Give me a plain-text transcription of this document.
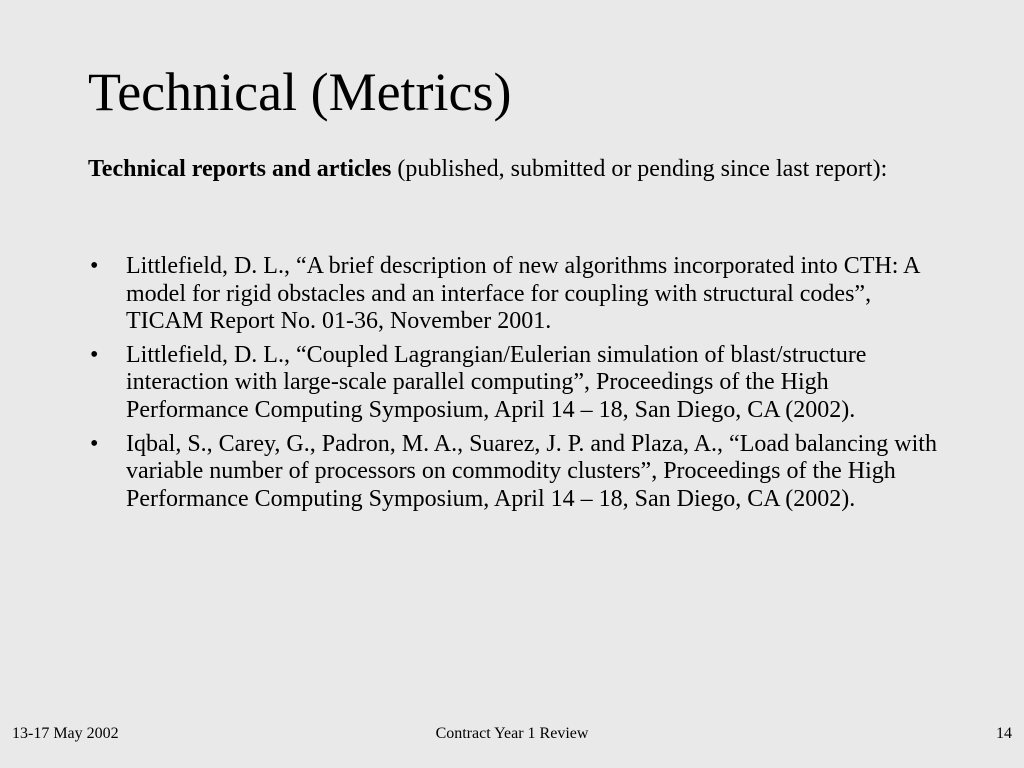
Technical (Metrics)
Technical reports and articles (published, submitted or pending since last report):
• Littlefield, D. L., “A brief description of new algorithms incorporated into CTH: A model for rigid obstacles and an interface for coupling with structural codes”, TICAM Report No. 01-36, November 2001.
• Littlefield, D. L., “Coupled Lagrangian/Eulerian simulation of blast/structure interaction with large-scale parallel computing”, Proceedings of the High Performance Computing Symposium, April 14 – 18, San Diego, CA (2002).
• Iqbal, S., Carey, G., Padron, M. A., Suarez, J. P. and Plaza, A., “Load balancing with variable number of processors on commodity clusters”, Proceedings of the High Performance Computing Symposium, April 14 – 18, San Diego, CA (2002).
Contract Year 1 Review
13-17 May 2002	14
